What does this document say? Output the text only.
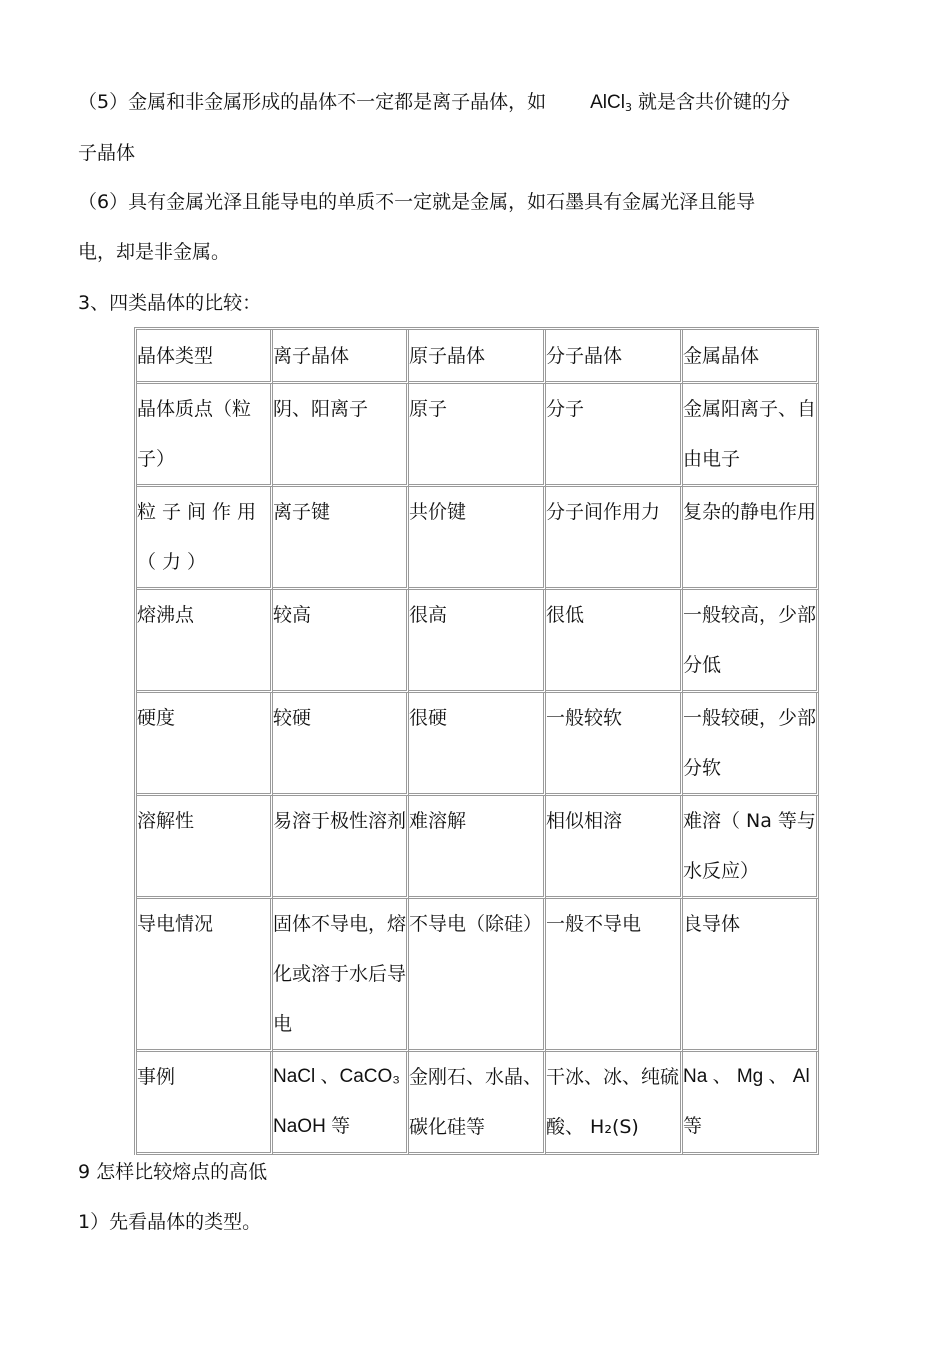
（5）金属和非金属形成的晶体不一定都是离子晶体，如 AlCl3 就是含共价键的分
子晶体
（6）具有金属光泽且能导电的单质不一定就是金属，如石墨具有金属光泽且能导
电，却是非金属。
3、四类晶体的比较：
晶体类型	离子晶体	原子晶体	分子晶体	金属晶体

晶体质点（粒子）	阴、阳离子	原子	分子	金属阳离子、自由电子

粒子间作用（力）	离子键	共价键	分子间作用力	复杂的静电作用

熔沸点	较高	很高	很低	一般较高，少部分低

硬度	较硬	很硬	一般较软	一般较硬，少部分软

溶解性	易溶于极性溶剂	难溶解	相似相溶	难溶（ Na 等与水反应）

导电情况	固体不导电，熔化或溶于水后导电	不导电（除硅）	一般不导电	良导体

事例	NaCl 、CaCO₃ NaOH 等	金刚石、水晶、碳化硅等	干冰、冰、纯硫酸、 H₂(S)	Na 、 Mg 、 Al 等
9 怎样比较熔点的高低
1）先看晶体的类型。
